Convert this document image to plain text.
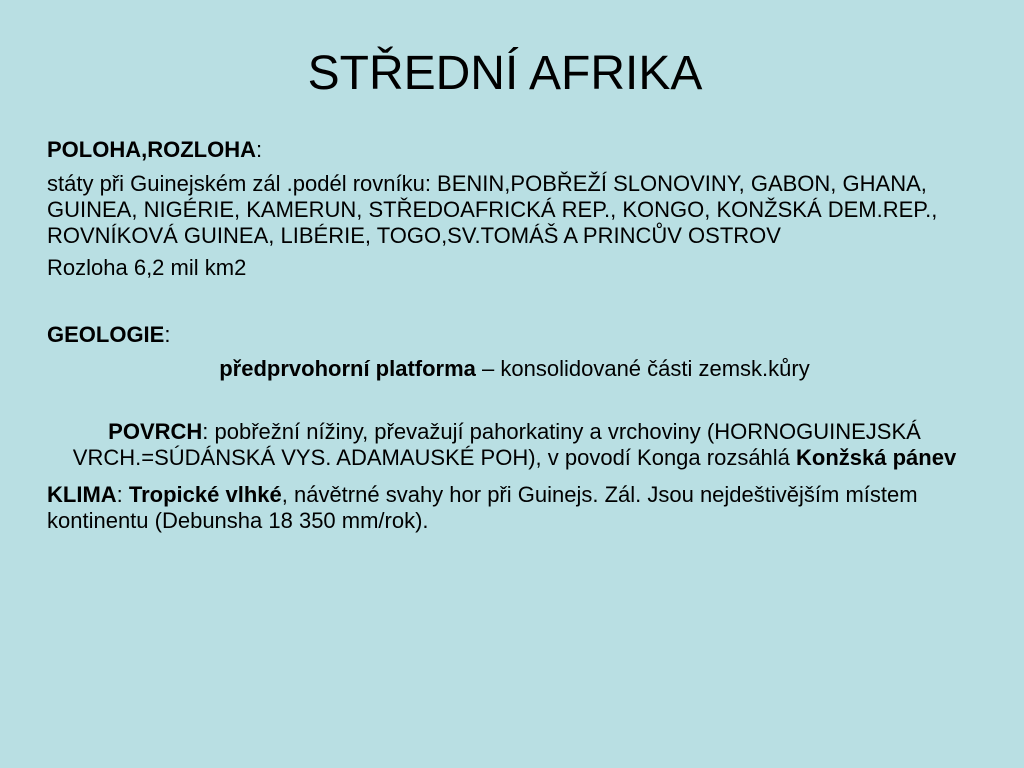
STŘEDNÍ AFRIKA

POLOHA,ROZLOHA:

státy při Guinejském zál .podél rovníku: BENIN,POBŘEŽÍ SLONOVINY, GABON, GHANA, GUINEA, NIGÉRIE, KAMERUN, STŘEDOAFRICKÁ REP., KONGO, KONŽSKÁ DEM.REP., ROVNÍKOVÁ GUINEA, LIBÉRIE, TOGO,SV.TOMÁŠ A PRINCŮV OSTROV

Rozloha 6,2 mil km2

GEOLOGIE:

předprvohorní platforma – konsolidované části zemsk.kůry

POVRCH: pobřežní nížiny, převažují pahorkatiny a vrchoviny (HORNOGUINEJSKÁ VRCH.=SÚDÁNSKÁ VYS. ADAMAUSKÉ POH), v povodí Konga rozsáhlá Konžská pánev

KLIMA: Tropické vlhké, návětrné svahy hor při Guinejs. Zál. Jsou nejdeštivějším místem kontinentu (Debunsha 18 350 mm/rok).
